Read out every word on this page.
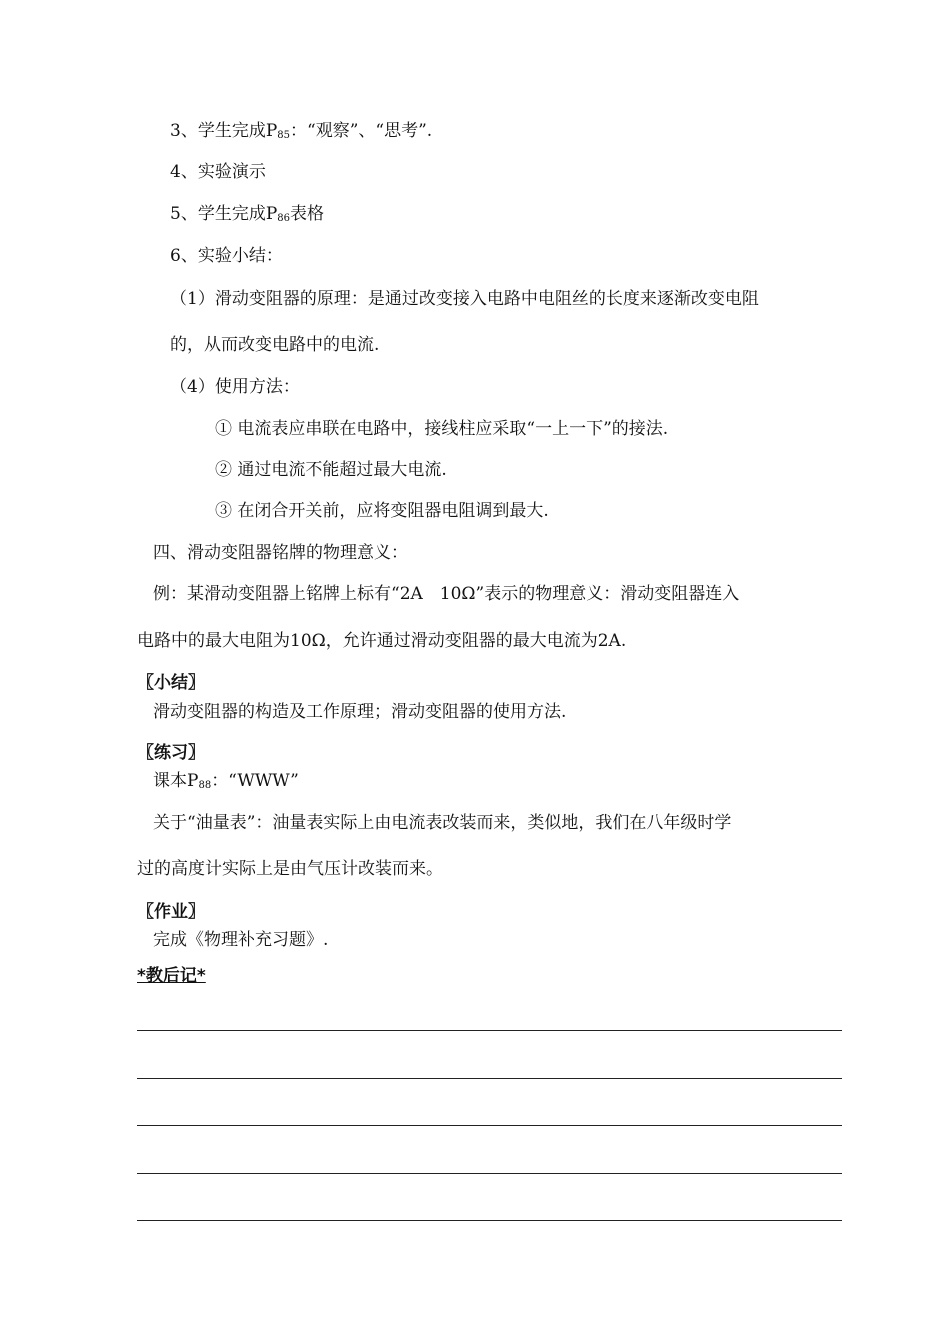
3、学生完成$P_{85}$：“观察”、“思考”.
4、实验演示
5、学生完成$P_{86}$表格
6、实验小结：
（1）滑动变阻器的原理：是通过改变接入电路中电阻丝的长度来逐渐改变电阻
的，从而改变电路中的电流.
（4）使用方法：
① 电流表应串联在电路中，接线柱应采取“一上一下”的接法.
② 通过电流不能超过最大电流.
③ 在闭合开关前，应将变阻器电阻调到最大.
四、滑动变阻器铭牌的物理意义：
例：某滑动变阻器上铭牌上标有“2A　10Ω”表示的物理意义：滑动变阻器连入
电路中的最大电阻为10Ω，允许通过滑动变阻器的最大电流为2A.
〖小结〗
滑动变阻器的构造及工作原理；滑动变阻器的使用方法.
〖练习〗
课本$P_{88}$：“WWW”
关于“油量表”：油量表实际上由电流表改装而来，类似地，我们在八年级时学
过的高度计实际上是由气压计改装而来。
〖作业〗
完成《物理补充习题》.
*教后记*
